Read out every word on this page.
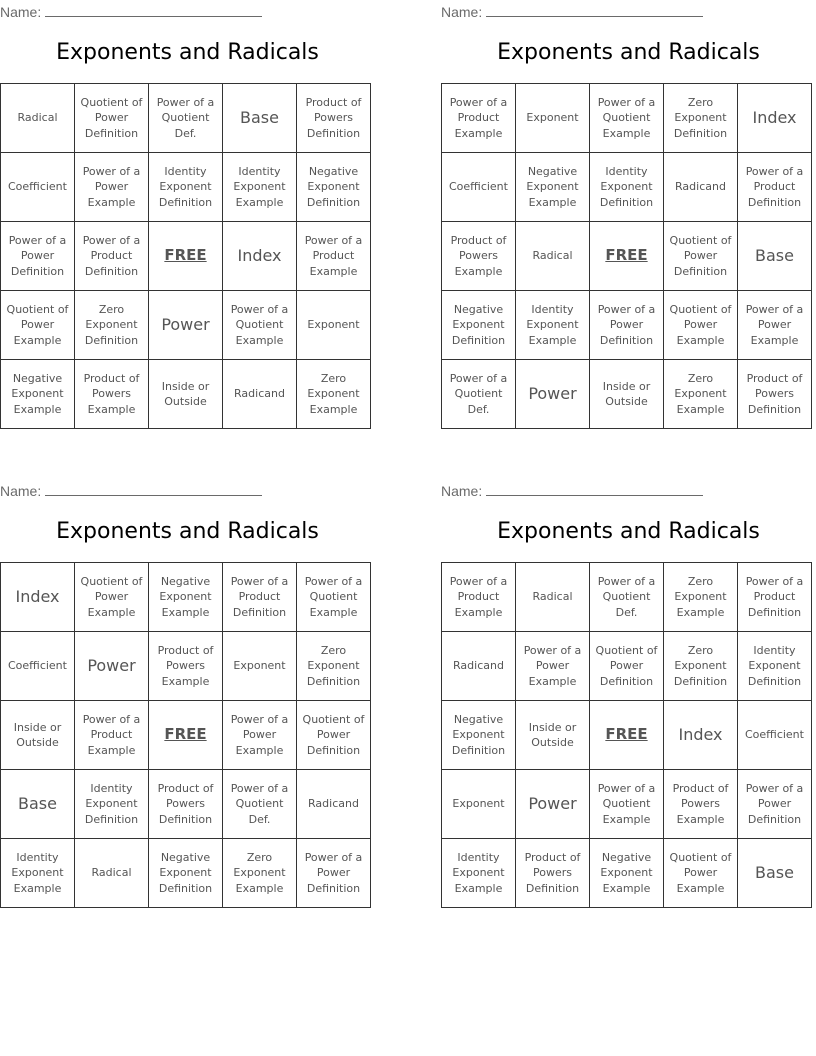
Name:
Exponents and Radicals
Radical	Quotient of Power Definition	Power of a Quotient Def.	Base	Product of Powers Definition
Coefficient	Power of a Power Example	Identity Exponent Definition	Identity Exponent Example	Negative Exponent Definition
Power of a Power Definition	Power of a Product Definition	FREE	Index	Power of a Product Example
Quotient of Power Example	Zero Exponent Definition	Power	Power of a Quotient Example	Exponent
Negative Exponent Example	Product of Powers Example	Inside or Outside	Radicand	Zero Exponent Example
Name:
Exponents and Radicals
Power of a Product Example	Exponent	Power of a Quotient Example	Zero Exponent Definition	Index
Coefficient	Negative Exponent Example	Identity Exponent Definition	Radicand	Power of a Product Definition
Product of Powers Example	Radical	FREE	Quotient of Power Definition	Base
Negative Exponent Definition	Identity Exponent Example	Power of a Power Definition	Quotient of Power Example	Power of a Power Example
Power of a Quotient Def.	Power	Inside or Outside	Zero Exponent Example	Product of Powers Definition
Name:
Exponents and Radicals
Index	Quotient of Power Example	Negative Exponent Example	Power of a Product Definition	Power of a Quotient Example
Coefficient	Power	Product of Powers Example	Exponent	Zero Exponent Definition
Inside or Outside	Power of a Product Example	FREE	Power of a Power Example	Quotient of Power Definition
Base	Identity Exponent Definition	Product of Powers Definition	Power of a Quotient Def.	Radicand
Identity Exponent Example	Radical	Negative Exponent Definition	Zero Exponent Example	Power of a Power Definition
Name:
Exponents and Radicals
Power of a Product Example	Radical	Power of a Quotient Def.	Zero Exponent Example	Power of a Product Definition
Radicand	Power of a Power Example	Quotient of Power Definition	Zero Exponent Definition	Identity Exponent Definition
Negative Exponent Definition	Inside or Outside	FREE	Index	Coefficient
Exponent	Power	Power of a Quotient Example	Product of Powers Example	Power of a Power Definition
Identity Exponent Example	Product of Powers Definition	Negative Exponent Example	Quotient of Power Example	Base
